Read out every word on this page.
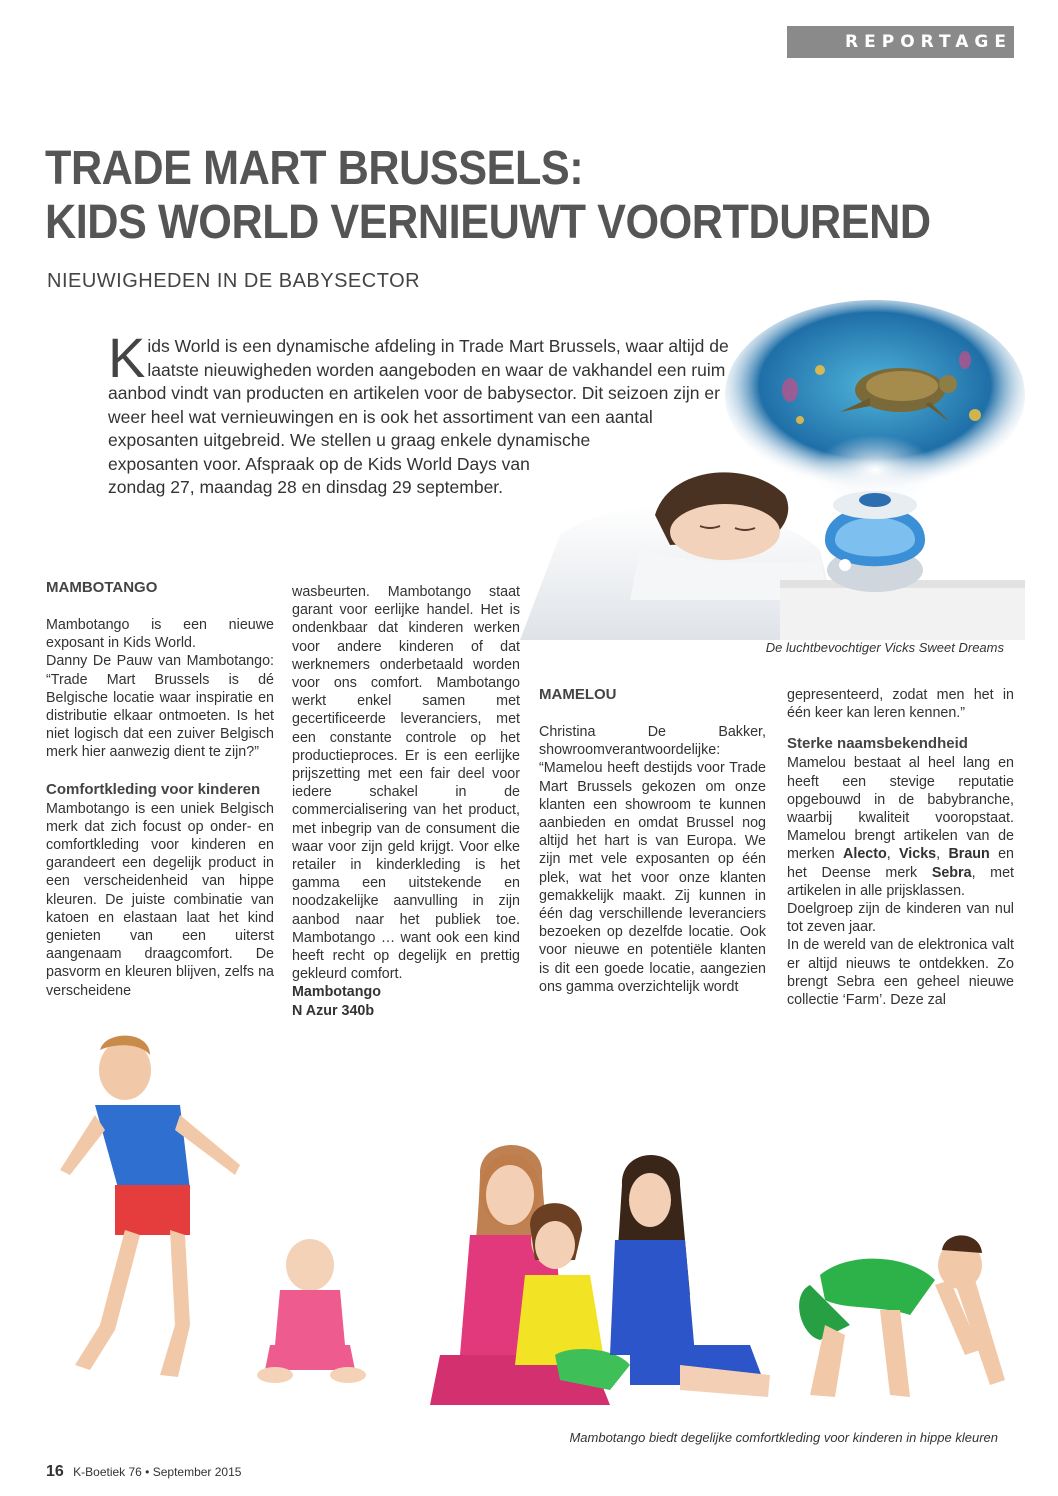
REPORTAGE
TRADE MART BRUSSELS:
KIDS WORLD VERNIEUWT VOORTDUREND
NIEUWIGHEDEN IN DE BABYSECTOR
De luchtbevochtiger Vicks Sweet Dreams
K ids World is een dynamische afdeling in Trade Mart Brussels, waar altijd de
laatste nieuwigheden worden aangeboden en waar de vakhandel een ruim
aanbod vindt van producten en artikelen voor de babysector. Dit seizoen zijn er
weer heel wat vernieuwingen en is ook het assortiment van een aantal
exposanten uitgebreid. We stellen u graag enkele dynamische
exposanten voor. Afspraak op de Kids World Days van
zondag 27, maandag 28 en dinsdag 29 september.
MAMBOTANGO

Mambotango is een nieuwe exposant in Kids World.

Danny De Pauw van Mambotango: “Trade Mart Brussels is dé Belgische locatie waar inspiratie en distributie elkaar ontmoeten. Is het niet logisch dat een zuiver Belgisch merk hier aanwezig dient te zijn?”

Comfortkleding voor kinderen

Mambotango is een uniek Belgisch merk dat zich focust op onder- en comfortkleding voor kinderen en garandeert een degelijk product in een verscheidenheid van hippe kleuren. De juiste combinatie van katoen en elastaan laat het kind genieten van een uiterst aangenaam draagcomfort. De pasvorm en kleuren blijven, zelfs na verscheidene

wasbeurten. Mambotango staat garant voor eerlijke handel. Het is ondenkbaar dat kinderen werken voor andere kinderen of dat werknemers onderbetaald worden voor ons comfort. Mambotango werkt enkel samen met gecertificeerde leveranciers, met een constante controle op het productieproces. Er is een eerlijke prijszetting met een fair deel voor iedere schakel in de commercialisering van het product, met inbegrip van de consument die waar voor zijn geld krijgt. Voor elke retailer in kinderkleding is het gamma een uitstekende en noodzakelijke aanvulling in zijn aanbod naar het publiek toe. Mambotango … want ook een kind heeft recht op degelijk en prettig gekleurd comfort.

Mambotango

N Azur 340b

MAMELOU

Christina De Bakker, showroomverantwoordelijke: “Mamelou heeft destijds voor Trade Mart Brussels gekozen om onze klanten een showroom te kunnen aanbieden en omdat Brussel nog altijd het hart is van Europa. We zijn met vele exposanten op één plek, wat het voor onze klanten gemakkelijk maakt. Zij kunnen in één dag verschillende leveranciers bezoeken op dezelfde locatie. Ook voor nieuwe en potentiële klanten is dit een goede locatie, aangezien ons gamma overzichtelijk wordt

gepresenteerd, zodat men het in één keer kan leren kennen.”

Sterke naamsbekendheid

Mamelou bestaat al heel lang en heeft een stevige reputatie opgebouwd in de babybranche, waarbij kwaliteit vooropstaat. Mamelou brengt artikelen van de merken Alecto, Vicks, Braun en het Deense merk Sebra, met artikelen in alle prijsklassen.

Doelgroep zijn de kinderen van nul tot zeven jaar.

In de wereld van de elektronica valt er altijd nieuws te ontdekken. Zo brengt Sebra een geheel nieuwe collectie ‘Farm’. Deze zal

Mambotango biedt degelijke comfortkleding voor kinderen in hippe kleuren
16 K-Boetiek 76 • September 2015
